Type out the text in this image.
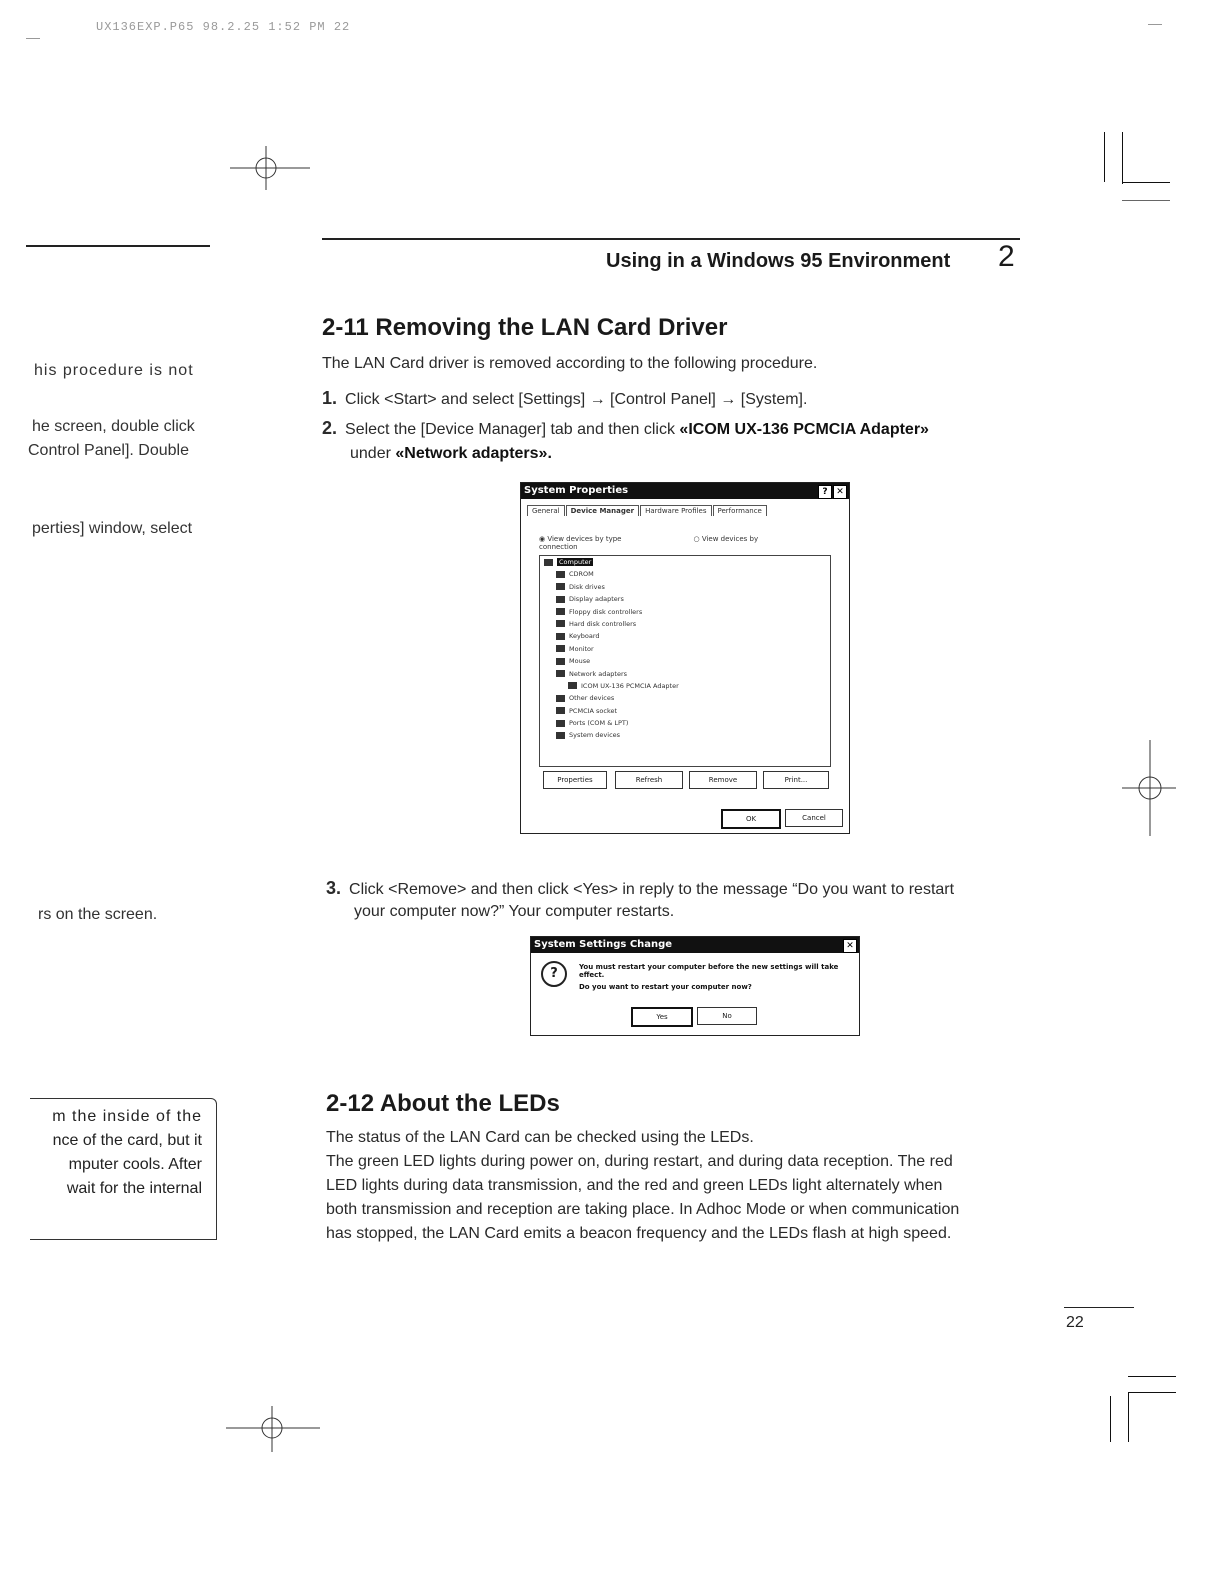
UX136EXP.P65 98.2.25 1:52 PM 22
Using in a Windows 95 Environment 2
his procedure is not
he screen, double click
Control Panel]. Double
perties] window, select
rs on the screen.
m the inside of the
nce of the card, but it
mputer cools. After
wait for the internal
2-11 Removing the LAN Card Driver
The LAN Card driver is removed according to the following procedure.
1. Click <Start> and select [Settings] → [Control Panel] → [System].
2. Select the [Device Manager] tab and then click «ICOM UX-136 PCMCIA Adapter»
under «Network adapters».
System Properties	? ✕
General Device Manager Hardware Profiles Performance
◉ View devices by type	○ View devices by connection
Computer
CDROM
Disk drives
Display adapters
Floppy disk controllers
Hard disk controllers
Keyboard
Monitor
Mouse
Network adapters
ICOM UX-136 PCMCIA Adapter
Other devices
PCMCIA socket
Ports (COM & LPT)
System devices
Properties	Refresh	Remove	Print...
OK	Cancel
3. Click <Remove> and then click <Yes> in reply to the message “Do you want to restart
your computer now?” Your computer restarts.
System Settings Change	✕
?	You must restart your computer before the new settings will take effect.
Do you want to restart your computer now?
Yes	No
2-12 About the LEDs
The status of the LAN Card can be checked using the LEDs.
The green LED lights during power on, during restart, and during data reception. The red
LED lights during data transmission, and the red and green LEDs light alternately when
both transmission and reception are taking place. In Adhoc Mode or when communication
has stopped, the LAN Card emits a beacon frequency and the LEDs flash at high speed.
22
